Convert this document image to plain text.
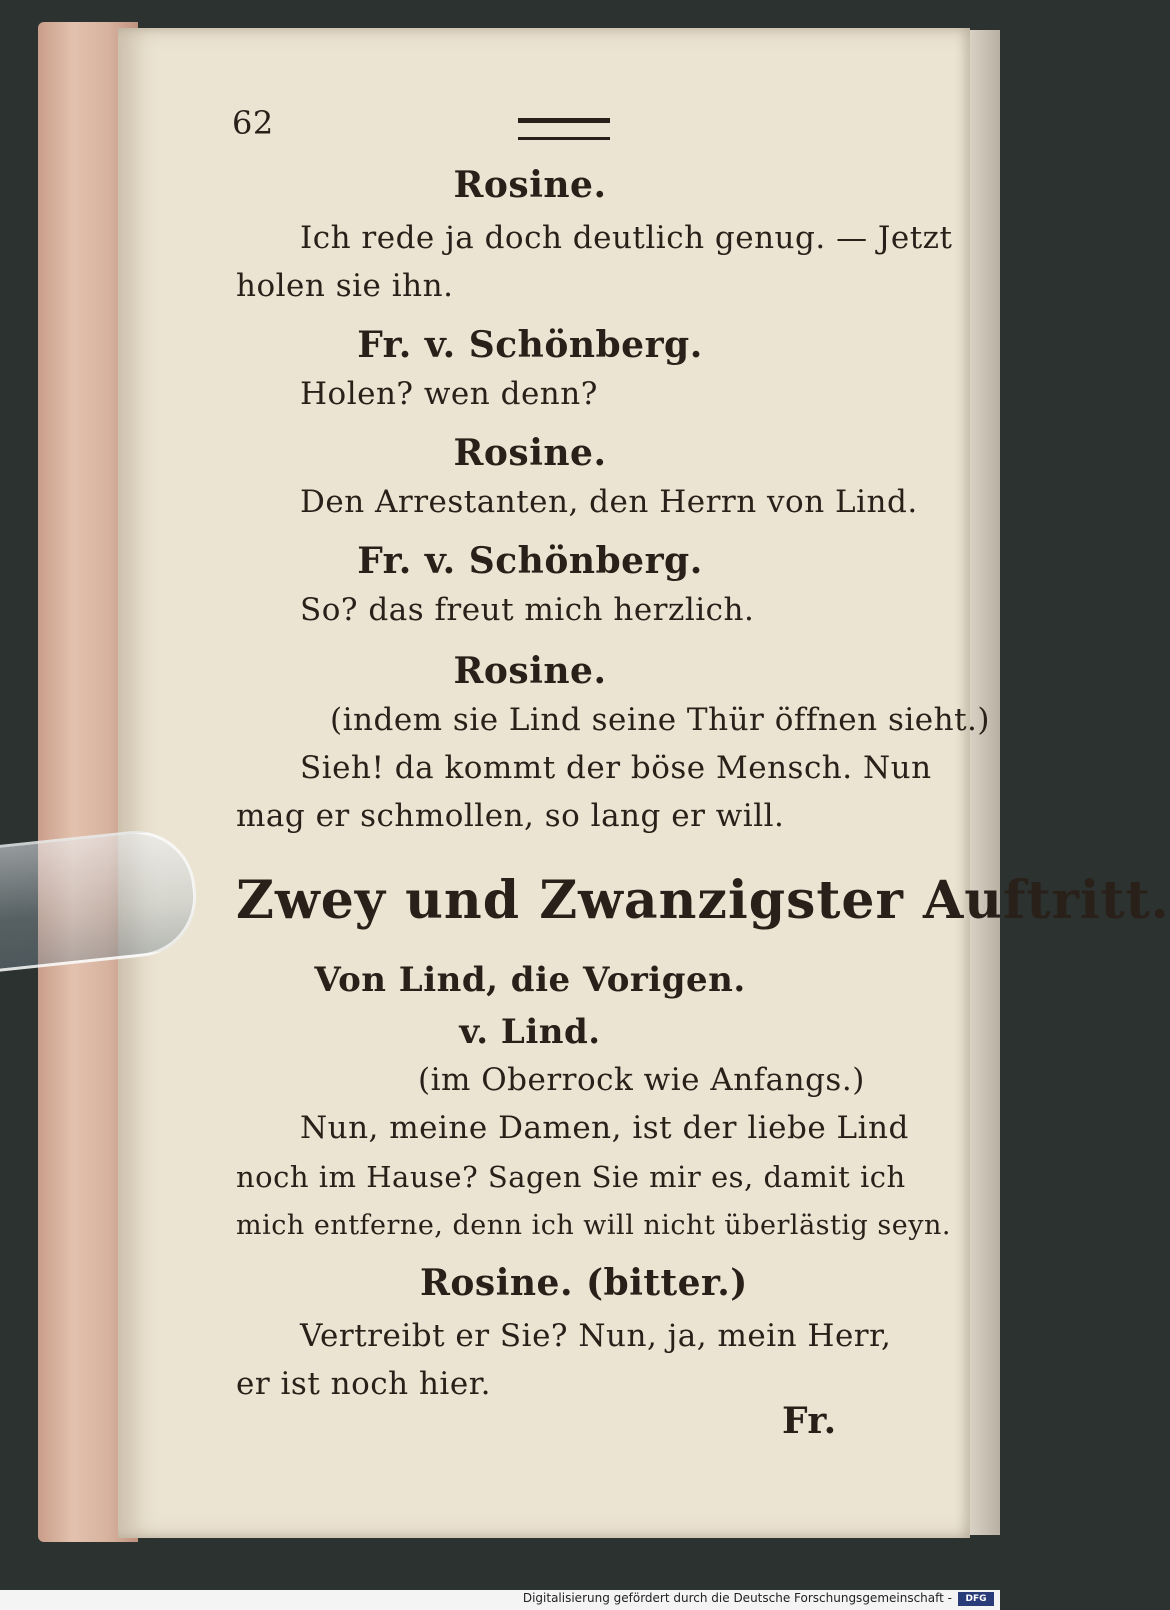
62
Rosine.
Ich rede ja doch deutlich genug. — Jetzt
holen sie ihn.
Fr. v. Schönberg.
Holen? wen denn?
Rosine.
Den Arrestanten, den Herrn von Lind.
Fr. v. Schönberg.
So? das freut mich herzlich.
Rosine.
(indem sie Lind seine Thür öffnen sieht.)
Sieh! da kommt der böse Mensch. Nun
mag er schmollen, so lang er will.
Zwey und Zwanzigster Auftritt.
Von Lind, die Vorigen.
v. Lind.
(im Oberrock wie Anfangs.)
Nun, meine Damen, ist der liebe Lind
noch im Hause? Sagen Sie mir es, damit ich
mich entferne, denn ich will nicht überlästig seyn.
Rosine. (bitter.)
Vertreibt er Sie? Nun, ja, mein Herr,
er ist noch hier.
Fr.
Digitalisierung gefördert durch die Deutsche Forschungsgemeinschaft -	DFG
